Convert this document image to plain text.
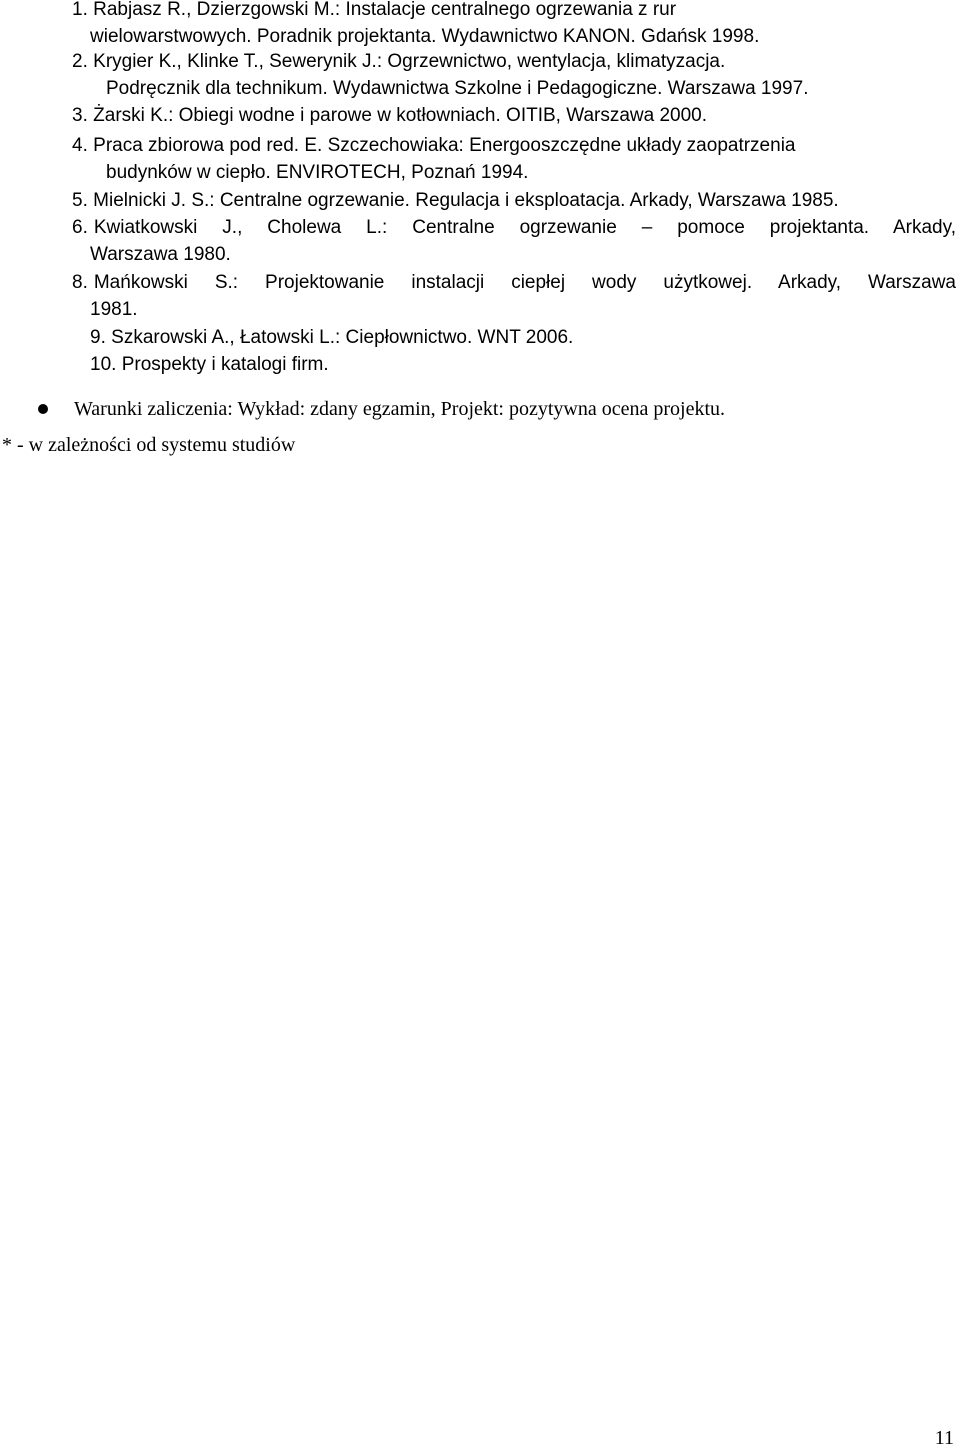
1. Rabjasz R., Dzierzgowski M.: Instalacje centralnego ogrzewania z rur
wielowarstwowych. Poradnik projektanta. Wydawnictwo KANON. Gdańsk 1998.
2. Krygier K., Klinke T., Sewerynik J.: Ogrzewnictwo, wentylacja, klimatyzacja.
Podręcznik dla technikum. Wydawnictwa Szkolne i Pedagogiczne. Warszawa 1997.
3. Żarski K.: Obiegi wodne i parowe w kotłowniach. OITIB, Warszawa 2000.
4. Praca zbiorowa pod red. E. Szczechowiaka: Energooszczędne układy zaopatrzenia
budynków w ciepło. ENVIROTECH, Poznań 1994.
5. Mielnicki J. S.: Centralne ogrzewanie. Regulacja i eksploatacja. Arkady, Warszawa 1985.
6. Kwiatkowski J., Cholewa L.: Centralne ogrzewanie – pomoce projektanta. Arkady,
Warszawa 1980.
8. Mańkowski S.: Projektowanie instalacji ciepłej wody użytkowej. Arkady, Warszawa
1981.
9. Szkarowski A., Łatowski L.: Ciepłownictwo. WNT 2006.
10. Prospekty i katalogi firm.
Warunki zaliczenia: Wykład: zdany egzamin, Projekt: pozytywna ocena projektu.
* - w zależności od systemu studiów
11
